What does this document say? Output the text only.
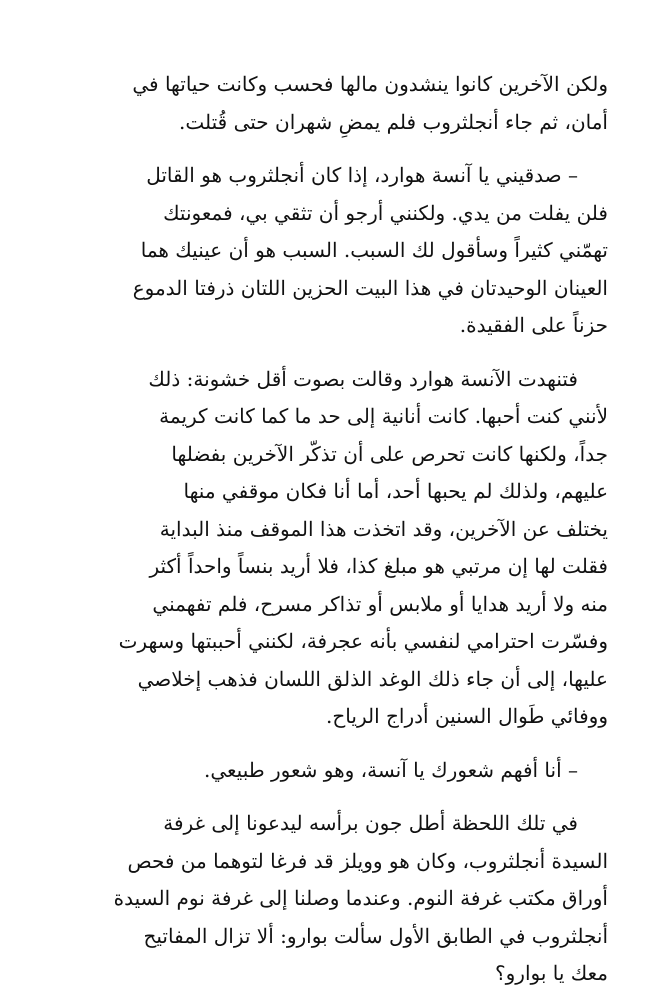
ولكن الآخرين كانوا ينشدون مالها فحسب وكانت حياتها في
أمان، ثم جاء أنجلثروب فلم يمضِ شهران حتى قُتلت.

– صدقيني يا آنسة هوارد، إذا كان أنجلثروب هو القاتل
فلن يفلت من يدي. ولكنني أرجو أن تثقي بي، فمعونتك
تهمّني كثيراً وسأقول لك السبب. السبب هو أن عينيك هما
العينان الوحيدتان في هذا البيت الحزين اللتان ذرفتا الدموع
حزناً على الفقيدة.

فتنهدت الآنسة هوارد وقالت بصوت أقل خشونة: ذلك
لأنني كنت أحبها. كانت أنانية إلى حد ما كما كانت كريمة
جداً، ولكنها كانت تحرص على أن تذكّر الآخرين بفضلها
عليهم، ولذلك لم يحبها أحد، أما أنا فكان موقفي منها
يختلف عن الآخرين، وقد اتخذت هذا الموقف منذ البداية
فقلت لها إن مرتبي هو مبلغ كذا، فلا أريد بنساً واحداً أكثر
منه ولا أريد هدايا أو ملابس أو تذاكر مسرح، فلم تفهمني
وفسّرت احترامي لنفسي بأنه عجرفة، لكنني أحببتها وسهرت
عليها، إلى أن جاء ذلك الوغد الذلق اللسان فذهب إخلاصي
ووفائي طَوال السنين أدراج الرياح.

– أنا أفهم شعورك يا آنسة، وهو شعور طبيعي.

في تلك اللحظة أطل جون برأسه ليدعونا إلى غرفة
السيدة أنجلثروب، وكان هو وويلز قد فرغا لتوهما من فحص
أوراق مكتب غرفة النوم. وعندما وصلنا إلى غرفة نوم السيدة
أنجلثروب في الطابق الأول سألت بوارو: ألا تزال المفاتيح
معك يا بوارو؟
